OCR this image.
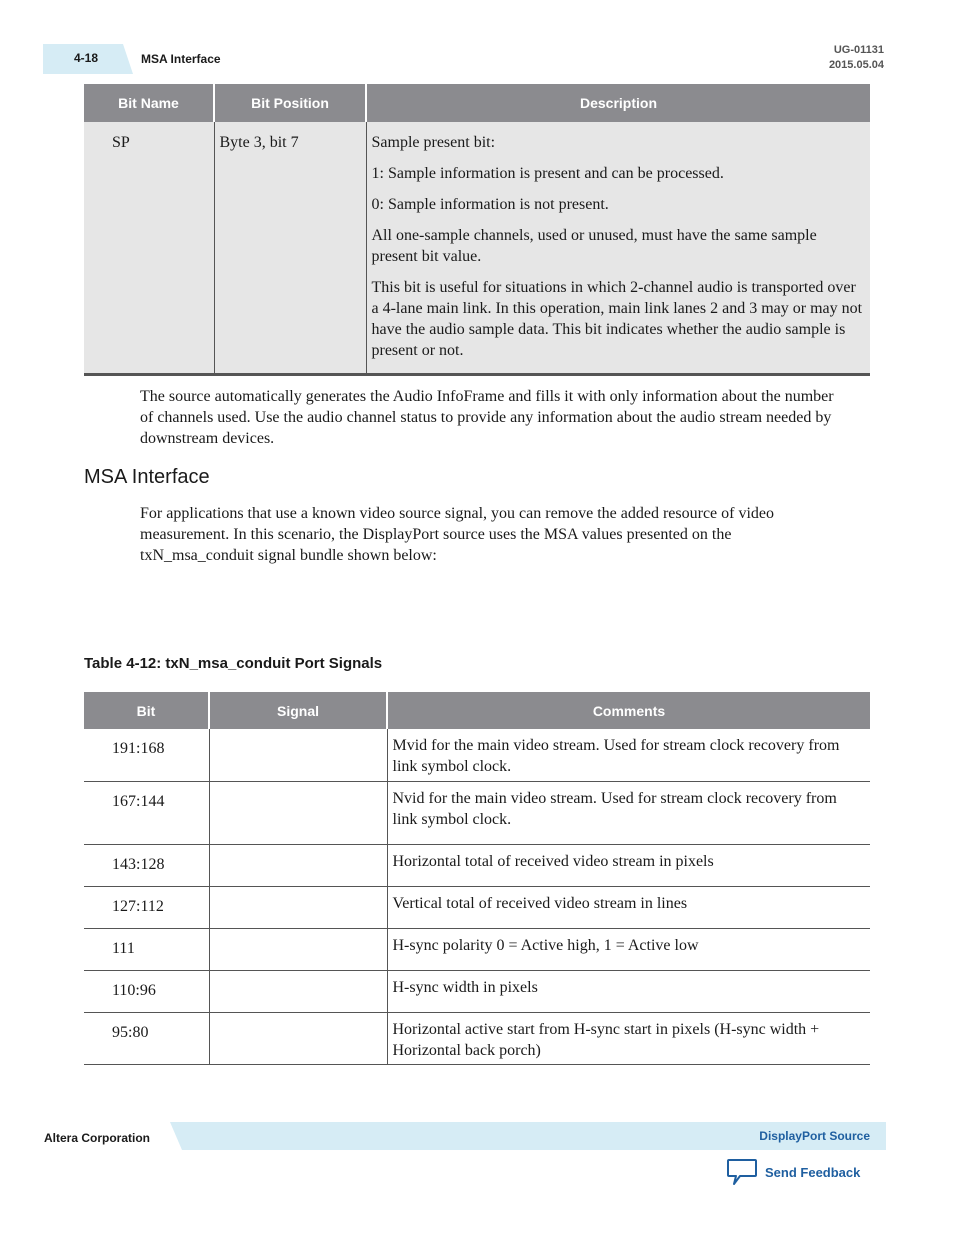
4-18	MSA Interface
UG-01131
2015.05.04
Bit Name	Bit Position	Description
SP	Byte 3, bit 7	Sample present bit:

1: Sample information is present and can be processed.

0: Sample information is not present.

All one-sample channels, used or unused, must have the same sample present bit value.

This bit is useful for situations in which 2-channel audio is transported over a 4-lane main link. In this operation, main link lanes 2 and 3 may or may not have the audio sample data. This bit indicates whether the audio sample is present or not.

The source automatically generates the Audio InfoFrame and fills it with only information about the number of channels used. Use the audio channel status to provide any information about the audio stream needed by downstream devices.
MSA Interface
For applications that use a known video source signal, you can remove the added resource of video measurement. In this scenario, the DisplayPort source uses the MSA values presented on the txN_msa_conduit signal bundle shown below:
Table 4-12: txN_msa_conduit Port Signals
Bit	Signal	Comments
191:168		Mvid for the main video stream. Used for stream clock recovery from link symbol clock.
167:144		Nvid for the main video stream. Used for stream clock recovery from link symbol clock.
143:128		Horizontal total of received video stream in pixels
127:112		Vertical total of received video stream in lines
111		H-sync polarity 0 = Active high, 1 = Active low
110:96		H-sync width in pixels
95:80		Horizontal active start from H-sync start in pixels (H-sync width + Horizontal back porch)
Altera Corporation	DisplayPort Source
Send Feedback
